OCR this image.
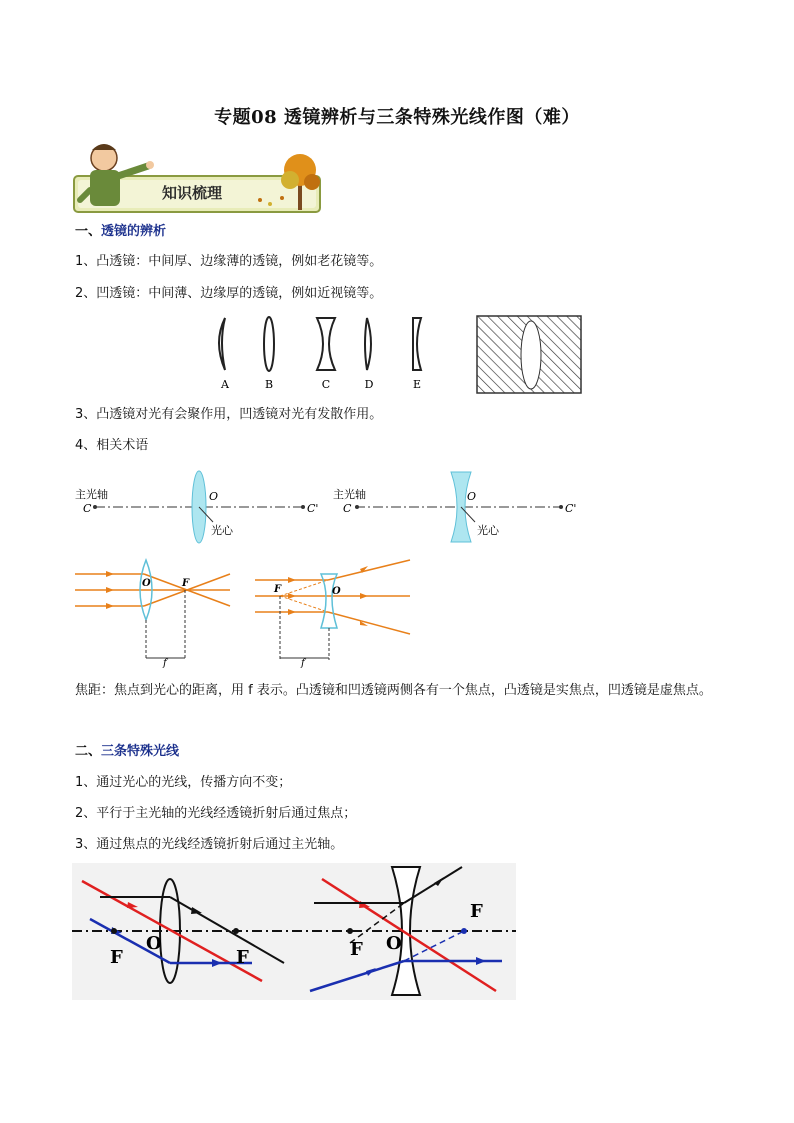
专题08 透镜辨析与三条特殊光线作图（难）
知识梳理
一、透镜的辨析
1、凸透镜：中间厚、边缘薄的透镜，例如老花镜等。
2、凹透镜：中间薄、边缘厚的透镜，例如近视镜等。
A	B	C	D	E
3、凸透镜对光有会聚作用，凹透镜对光有发散作用。
4、相关术语
主光轴
C
O
C'
光心
主光轴
C
O
C'
光心
O	F
f
F	O
f
焦距：焦点到光心的距离，用 f 表示。凸透镜和凹透镜两侧各有一个焦点，凸透镜是实焦点，凹透镜是虚焦点。
二、三条特殊光线
1、通过光心的光线，传播方向不变；
2、平行于主光轴的光线经透镜折射后通过焦点；
3、通过焦点的光线经透镜折射后通过主光轴。
O
F	F
O
F
F
